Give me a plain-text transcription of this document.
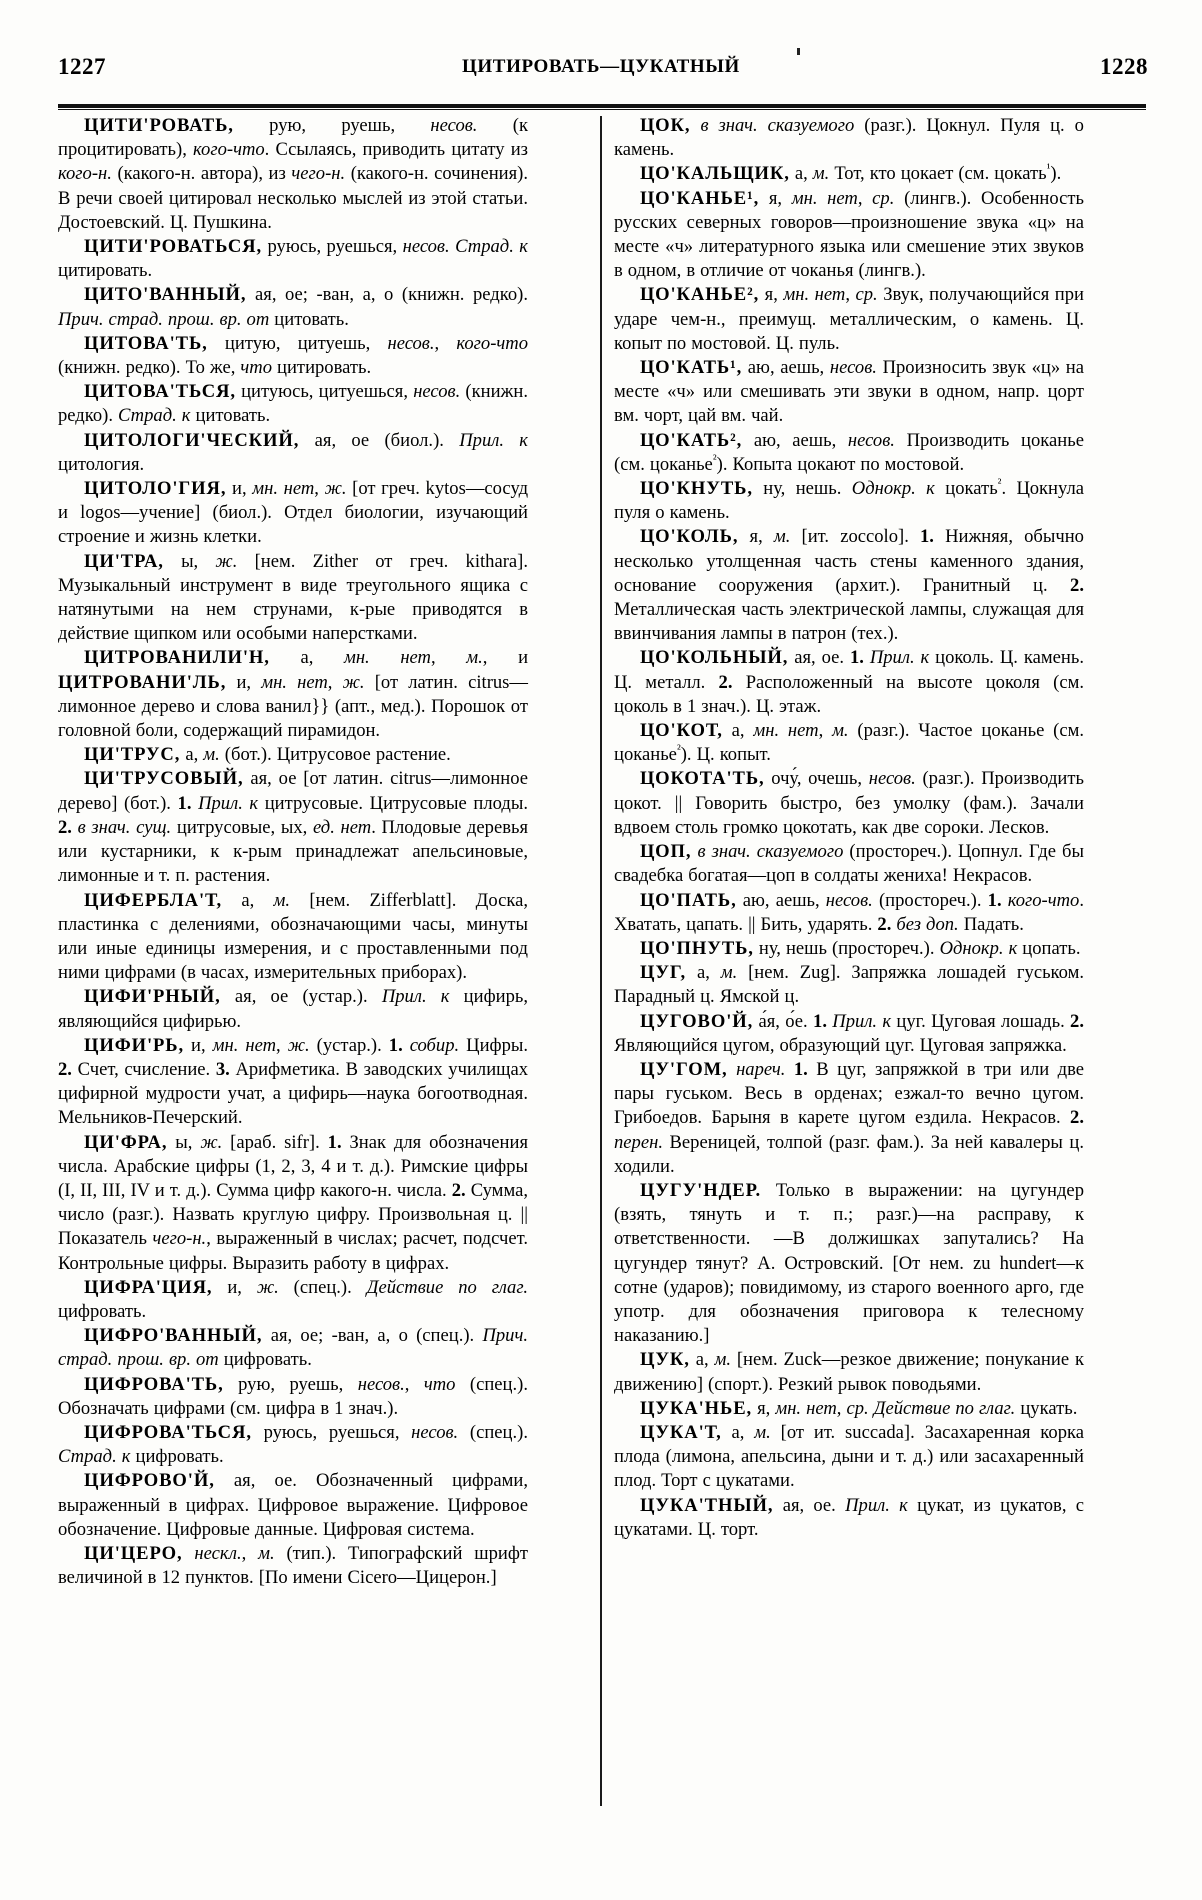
1227	ЦИТИРОВАТЬ—ЦУКАТНЫЙ	1228

ЦИТИ'РОВАТЬ, рую, руешь, несов. (к процитировать), кого-что. Ссылаясь, приводить цитату из кого-н. (какого-н. автора), из чего-н. (какого-н. сочинения). В речи своей цитировал несколько мыслей из этой статьи. Достоевский. Ц. Пушкина.

ЦИТИ'РОВАТЬСЯ, руюсь, руешься, несов. Страд. к цитировать.

ЦИТО'ВАННЫЙ, ая, ое; -ван, а, о (книжн. редко). Прич. страд. прош. вр. от цитовать.

ЦИТОВА'ТЬ, цитую, цитуешь, несов., кого-что (книжн. редко). То же, что цитировать.

ЦИТОВА'ТЬСЯ, цитуюсь, цитуешься, несов. (книжн. редко). Страд. к цитовать.

ЦИТОЛОГИ'ЧЕСКИЙ, ая, ое (биол.). Прил. к цитология.

ЦИТОЛО'ГИЯ, и, мн. нет, ж. [от греч. kytos—сосуд и logos—учение] (биол.). Отдел биологии, изучающий строение и жизнь клетки.

ЦИ'ТРА, ы, ж. [нем. Zither от греч. kithara]. Музыкальный инструмент в виде треугольного ящика с натянутыми на нем струнами, к-рые приводятся в действие щипком или особыми наперстками.

ЦИТРОВАНИЛИ'Н, а, мн. нет, м., и ЦИТРОВАНИ'ЛЬ, и, мн. нет, ж. [от латин. citrus—лимонное дерево и слова ванил}} (апт., мед.). Порошок от головной боли, содержащий пирамидон.

ЦИ'ТРУС, а, м. (бот.). Цитрусовое растение.

ЦИ'ТРУСОВЫЙ, ая, ое [от латин. citrus—лимонное дерево] (бот.). 1. Прил. к цитрусовые. Цитрусовые плоды. 2. в знач. сущ. цитрусовые, ых, ед. нет. Плодовые деревья или кустарники, к к-рым принадлежат апельсиновые, лимонные и т. п. растения.

ЦИФЕРБЛА'Т, а, м. [нем. Zifferblatt]. Доска, пластинка с делениями, обозначающими часы, минуты или иные единицы измерения, и с проставленными под ними цифрами (в часах, измерительных приборах).

ЦИФИ'РНЫЙ, ая, ое (устар.). Прил. к цифирь, являющийся цифирью.

ЦИФИ'РЬ, и, мн. нет, ж. (устар.). 1. собир. Цифры. 2. Счет, счисление. 3. Арифметика. В заводских училищах цифирной мудрости учат, а цифирь—наука богоотводная. Мельников-Печерский.

ЦИ'ФРА, ы, ж. [араб. sifr]. 1. Знак для обозначения числа. Арабские цифры (1, 2, 3, 4 и т. д.). Римские цифры (I, II, III, IV и т. д.). Сумма цифр какого-н. числа. 2. Сумма, число (разг.). Назвать круглую цифру. Произвольная ц. || Показатель чего-н., выраженный в числах; расчет, подсчет. Контрольные цифры. Выразить работу в цифрах.

ЦИФРА'ЦИЯ, и, ж. (спец.). Действие по глаг. цифровать.

ЦИФРО'ВАННЫЙ, ая, ое; -ван, а, о (спец.). Прич. страд. прош. вр. от цифровать.

ЦИФРОВА'ТЬ, рую, руешь, несов., что (спец.). Обозначать цифрами (см. цифра в 1 знач.).

ЦИФРОВА'ТЬСЯ, руюсь, руешься, несов. (спец.). Страд. к цифровать.

ЦИФРОВО'Й, ая, ое. Обозначенный цифрами, выраженный в цифрах. Цифровое выражение. Цифровое обозначение. Цифровые данные. Цифровая система.

ЦИ'ЦЕРО, нескл., м. (тип.). Типографский шрифт величиной в 12 пунктов. [По имени Cicero—Цицерон.]

ЦОК, в знач. сказуемого (разг.). Цокнул. Пуля ц. о камень.

ЦО'КАЛЬЩИК, а, м. Тот, кто цокает (см. цокать$^{^1}$).

ЦО'КАНЬЕ¹, я, мн. нет, ср. (лингв.). Особенность русских северных говоров—произношение звука «ц» на месте «ч» литературного языка или смешение этих звуков в одном, в отличие от чоканья (лингв.).

ЦО'КАНЬЕ², я, мн. нет, ср. Звук, получающийся при ударе чем-н., преимущ. металлическим, о камень. Ц. копыт по мостовой. Ц. пуль.

ЦО'КАТЬ¹, аю, аешь, несов. Произносить звук «ц» на месте «ч» или смешивать эти звуки в одном, напр. цорт вм. чорт, цай вм. чай.

ЦО'КАТЬ², аю, аешь, несов. Производить цоканье (см. цоканье$^{^2}$). Копыта цокают по мостовой.

ЦО'КНУТЬ, ну, нешь. Однокр. к цокать$^{^2}$. Цокнула пуля о камень.

ЦО'КОЛЬ, я, м. [ит. zoccolo]. 1. Нижняя, обычно несколько утолщенная часть стены каменного здания, основание сооружения (архит.). Гранитный ц. 2. Металлическая часть электрической лампы, служащая для ввинчивания лампы в патрон (тех.).

ЦО'КОЛЬНЫЙ, ая, ое. 1. Прил. к цоколь. Ц. камень. Ц. металл. 2. Расположенный на высоте цоколя (см. цоколь в 1 знач.). Ц. этаж.

ЦО'КОТ, а, мн. нет, м. (разг.). Частое цоканье (см. цоканье$^{^2}$). Ц. копыт.

ЦОКОТА'ТЬ, очу́, очешь, несов. (разг.). Производить цокот. || Говорить быстро, без умолку (фам.). Зачали вдвоем столь громко цокотать, как две сороки. Лесков.

ЦОП, в знач. сказуемого (простореч.). Цопнул. Где бы свадебка богатая—цоп в солдаты жениха! Некрасов.

ЦО'ПАТЬ, аю, аешь, несов. (простореч.). 1. кого-что. Хватать, цапать. || Бить, ударять. 2. без доп. Падать.

ЦО'ПНУТЬ, ну, нешь (простореч.). Однокр. к цопать.

ЦУГ, а, м. [нем. Zug]. Запряжка лошадей гуськом. Парадный ц. Ямской ц.

ЦУГОВО'Й, а́я, о́е. 1. Прил. к цуг. Цуговая лошадь. 2. Являющийся цугом, образующий цуг. Цуговая запряжка.

ЦУ'ГОМ, нареч. 1. В цуг, запряжкой в три или две пары гуськом. Весь в орденах; езжал-то вечно цугом. Грибоедов. Барыня в карете цугом ездила. Некрасов. 2. перен. Вереницей, толпой (разг. фам.). За ней кавалеры ц. ходили.

ЦУГУ'НДЕР. Только в выражении: на цугундер (взять, тянуть и т. п.; разг.)—на расправу, к ответственности. —В должишках запутались? На цугундер тянут? А. Островский. [От нем. zu hundert—к сотне (ударов); повидимому, из старого военного арго, где употр. для обозначения приговора к телесному наказанию.]

ЦУК, а, м. [нем. Zuck—резкое движение; понукание к движению] (спорт.). Резкий рывок поводьями.

ЦУКА'НЬЕ, я, мн. нет, ср. Действие по глаг. цукать.

ЦУКА'Т, а, м. [от ит. succada]. Засахаренная корка плода (лимона, апельсина, дыни и т. д.) или засахаренный плод. Торт с цукатами.

ЦУКА'ТНЫЙ, ая, ое. Прил. к цукат, из цукатов, с цукатами. Ц. торт.
